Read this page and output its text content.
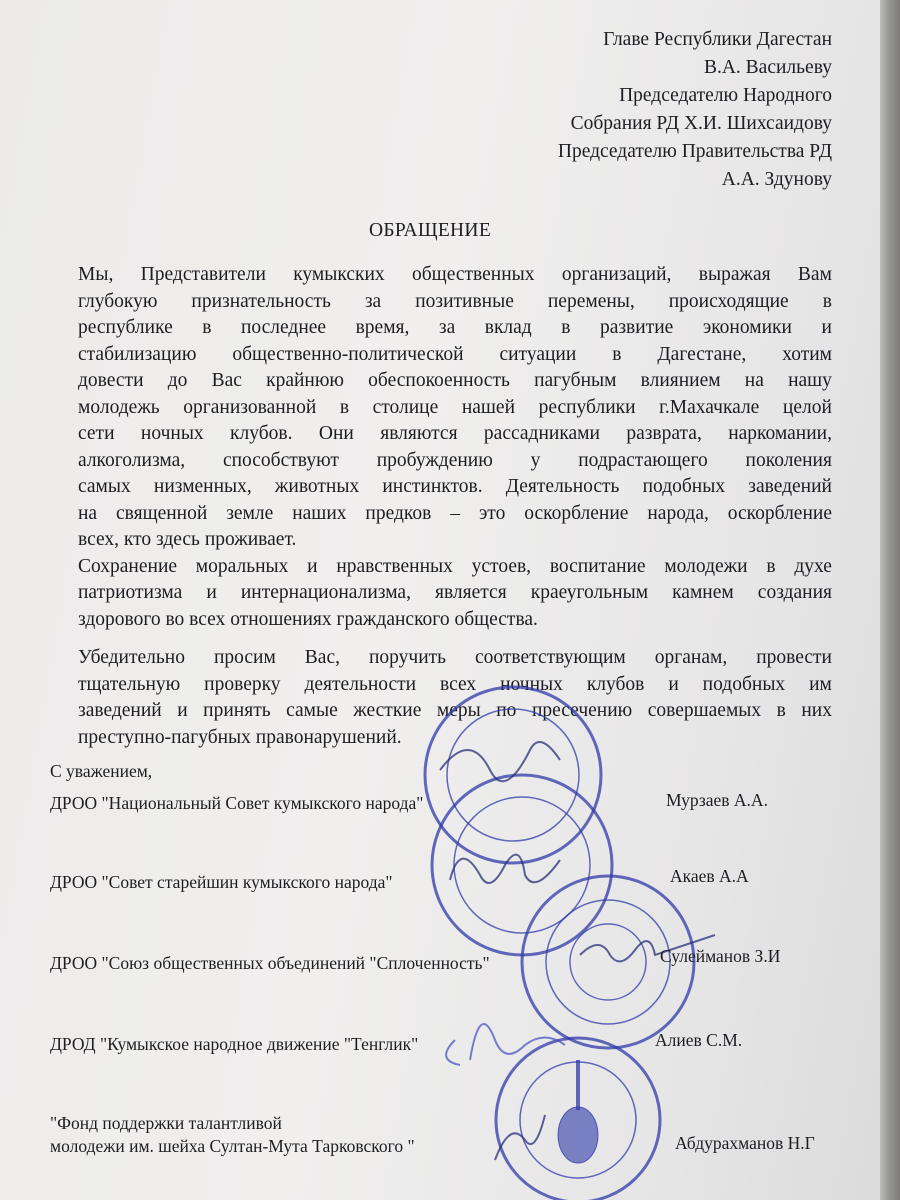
Главе Республики Дагестан
В.А. Васильеву
Председателю Народного
Собрания РД Х.И. Шихсаидову
Председателю Правительства РД
А.А. Здунову
ОБРАЩЕНИЕ
Мы, Представители кумыкских общественных организаций, выражая Вам
глубокую признательность за позитивные перемены, происходящие в
республике в последнее время, за вклад в развитие экономики и
стабилизацию общественно-политической ситуации в Дагестане, хотим
довести до Вас крайнюю обеспокоенность пагубным влиянием на нашу
молодежь организованной в столице нашей республики г.Махачкале целой
сети ночных клубов. Они являются рассадниками разврата, наркомании,
алкоголизма, способствуют пробуждению у подрастающего поколения
самых низменных, животных инстинктов. Деятельность подобных заведений
на священной земле наших предков – это оскорбление народа, оскорбление
всех, кто здесь проживает.
Сохранение моральных и нравственных устоев, воспитание молодежи в духе
патриотизма и интернационализма, является краеугольным камнем создания
здорового во всех отношениях гражданского общества.
Убедительно просим Вас, поручить соответствующим органам, провести
тщательную проверку деятельности всех ночных клубов и подобных им
заведений и принять самые жесткие меры по пресечению совершаемых в них
преступно-пагубных правонарушений.
С уважением,
ДРОО "Национальный Совет кумыкского народа"	Мурзаев А.А.
ДРОО "Совет старейшин кумыкского народа"	Акаев А.А
ДРОО "Союз общественных объединений "Сплоченность"	Сулейманов З.И
ДРОД "Кумыкское народное движение "Тенглик"	Алиев С.М.
"Фонд поддержки талантливой
молодежи им. шейха Султан-Мута Тарковского "	Абдурахманов Н.Г
